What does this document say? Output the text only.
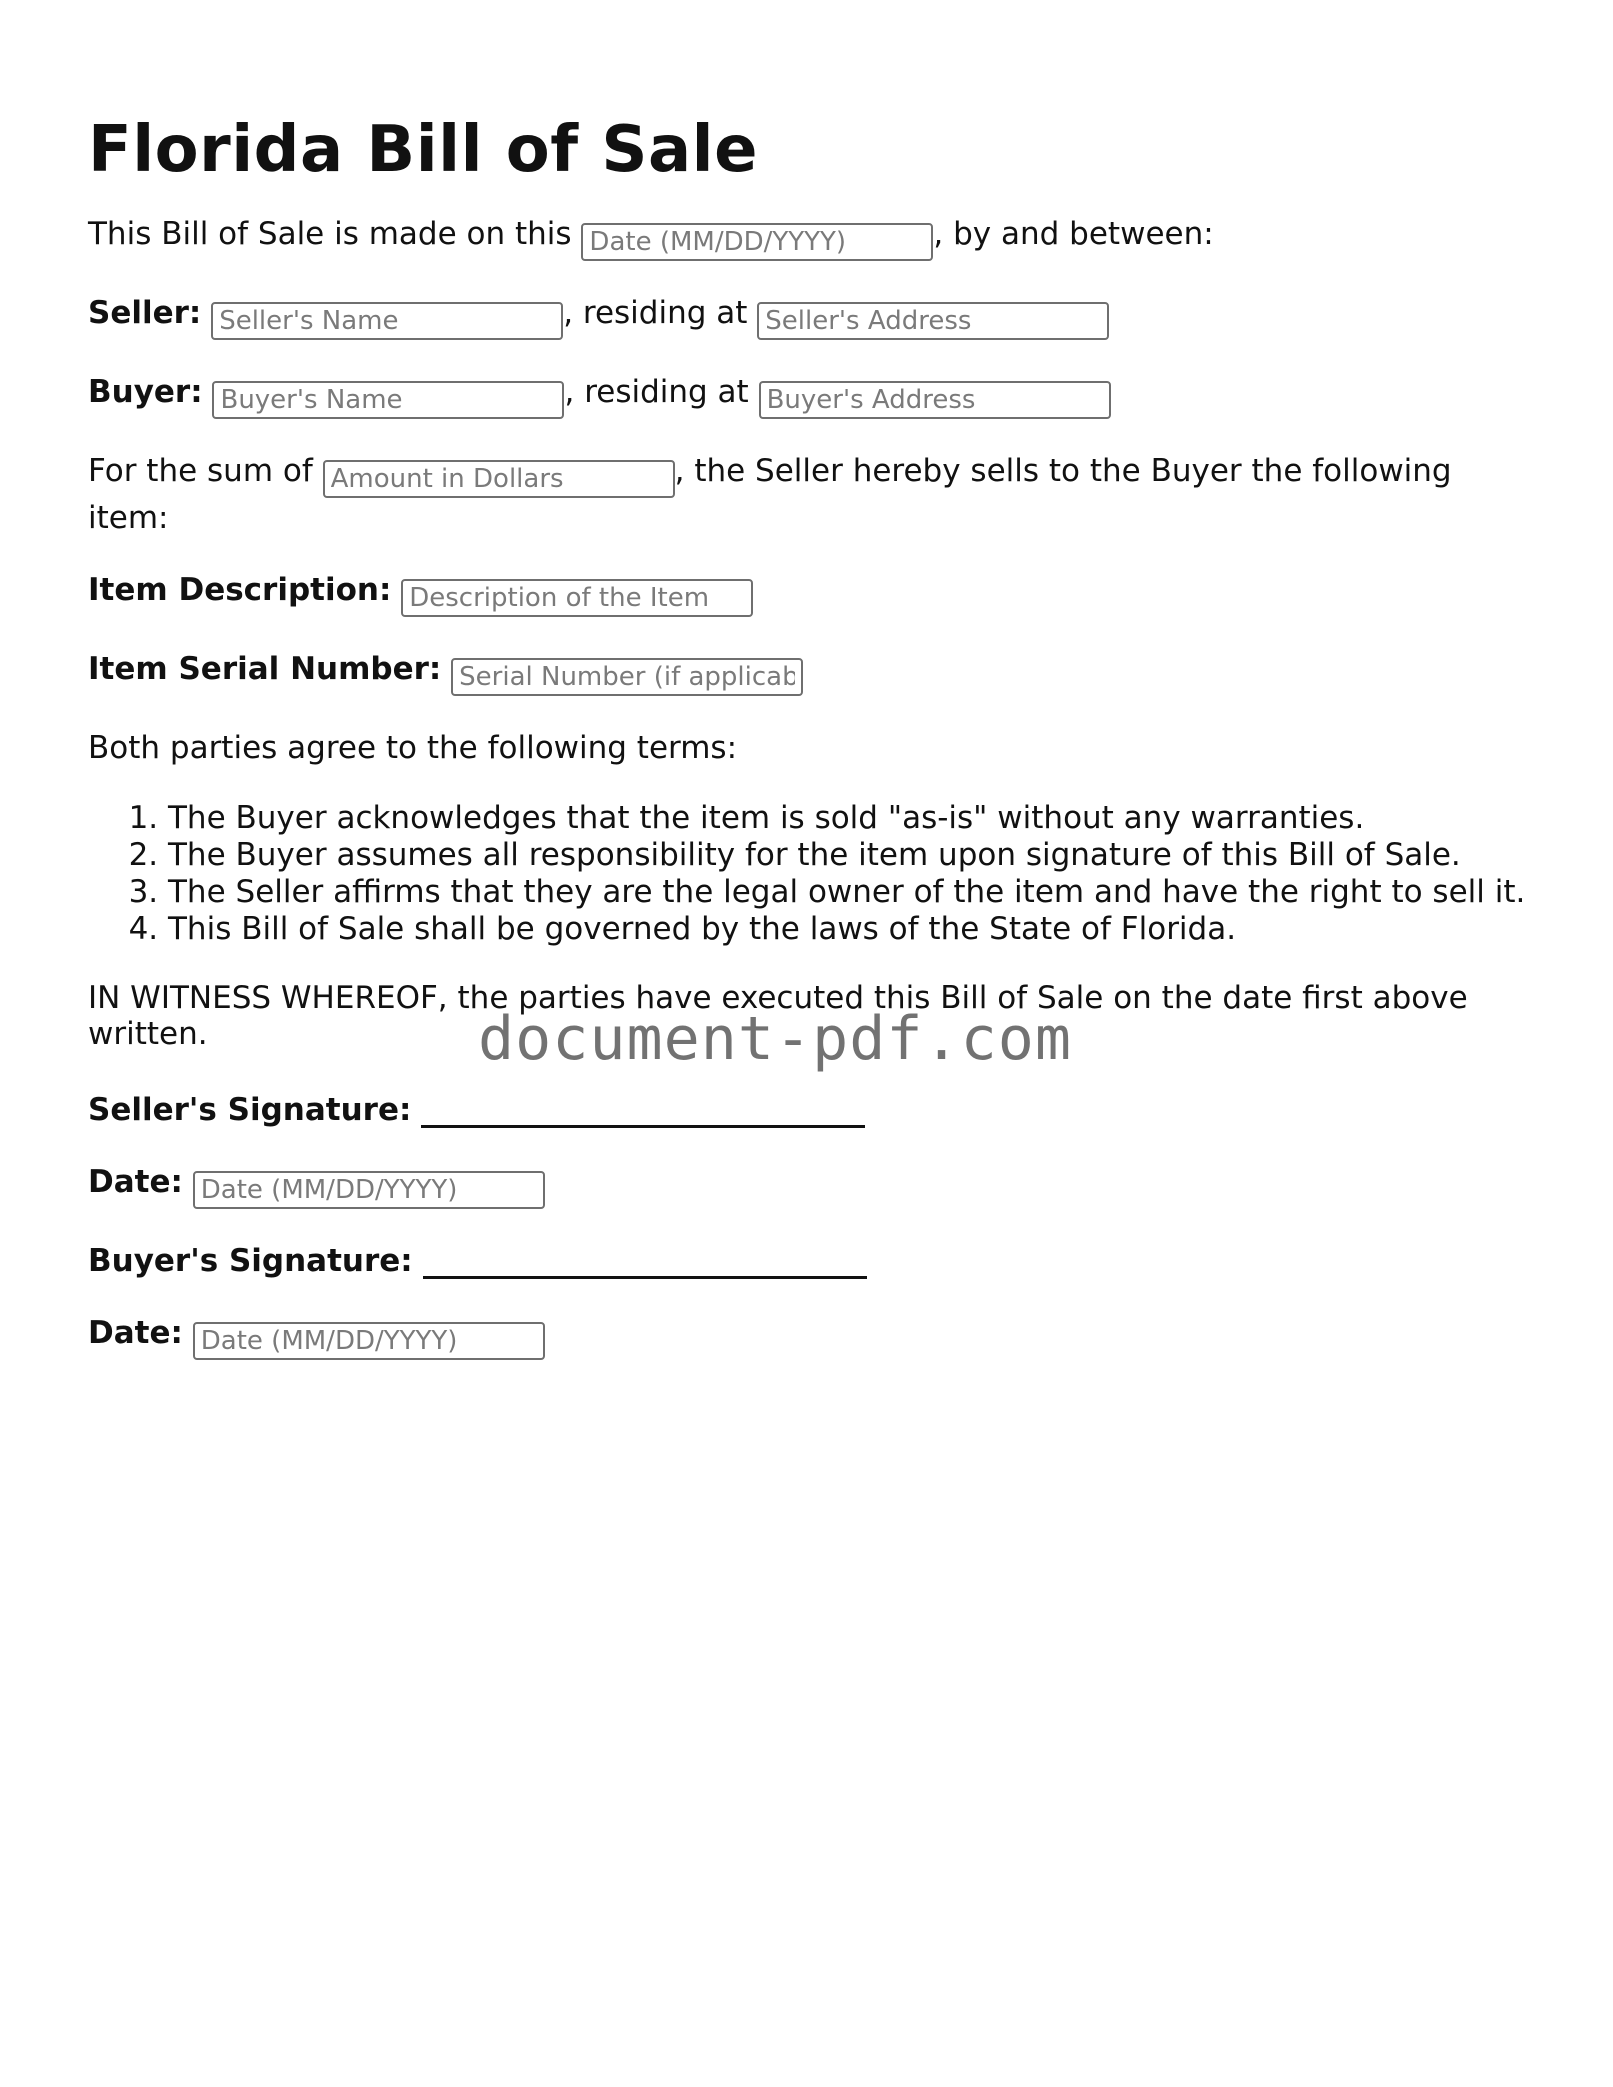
Florida Bill of Sale

This Bill of Sale is made on this Date (MM/DD/YYYY)	, by and between:

Seller: Seller's Name	, residing at Seller's Address

Buyer: Buyer's Name	, residing at Buyer's Address

For the sum of Amount in Dollars	, the Seller hereby sells to the Buyer the following item:

Item Description: Description of the Item

Item Serial Number: Serial Number (if applicable)

Both parties agree to the following terms:

1. The Buyer acknowledges that the item is sold "as-is" without any warranties.
2. The Buyer assumes all responsibility for the item upon signature of this Bill of Sale.
3. The Seller affirms that they are the legal owner of the item and have the right to sell it.
4. This Bill of Sale shall be governed by the laws of the State of Florida.

IN WITNESS WHEREOF, the parties have executed this Bill of Sale on the date first above written.

Seller's Signature:

Date: Date (MM/DD/YYYY)

Buyer's Signature:

Date: Date (MM/DD/YYYY)

document-pdf.com
